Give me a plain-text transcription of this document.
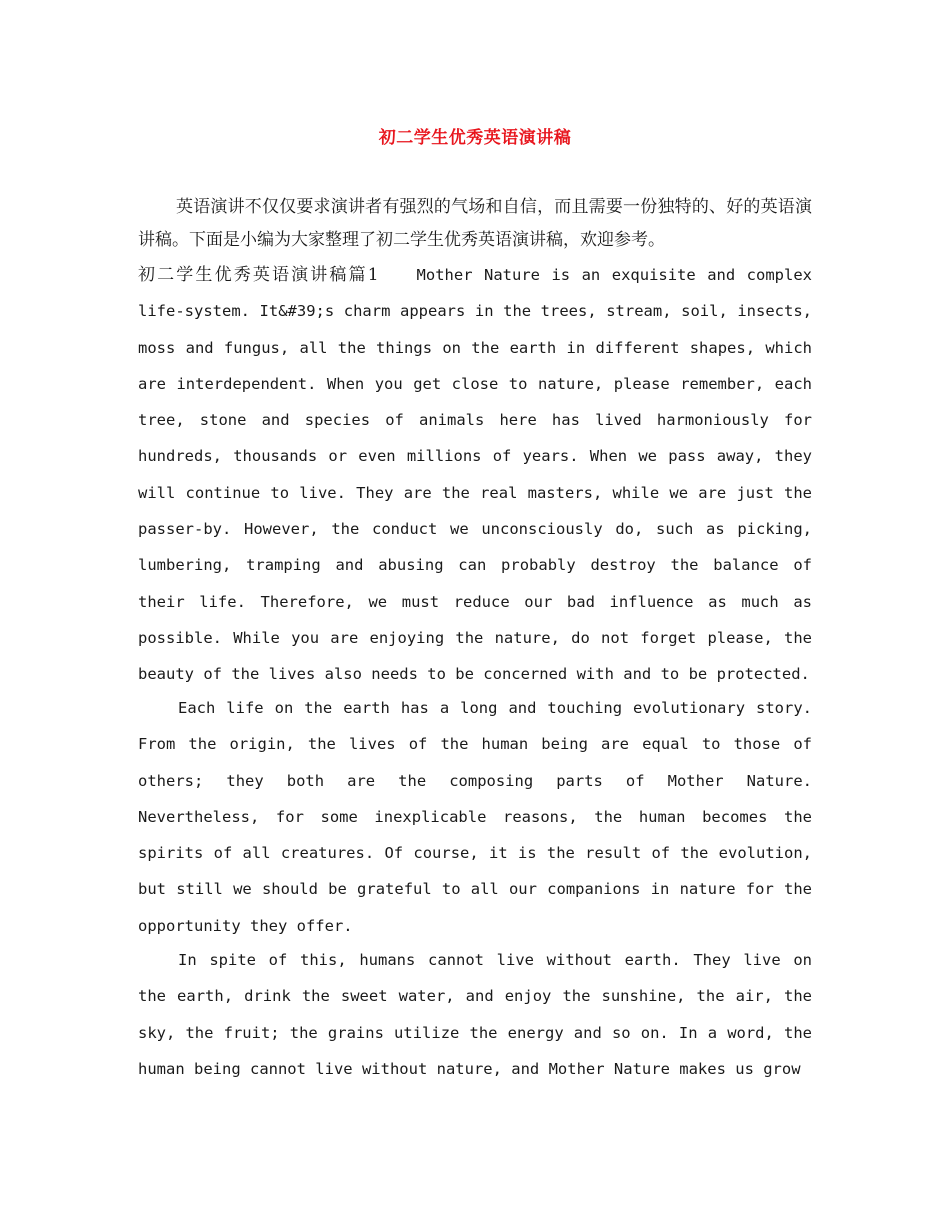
初二学生优秀英语演讲稿

英语演讲不仅仅要求演讲者有强烈的气场和自信，而且需要一份独特的、好的英语演讲稿。下面是小编为大家整理了初二学生优秀英语演讲稿，欢迎参考。

初二学生优秀英语演讲稿篇1 Mother Nature is an exquisite and complex life-system. It&#39;s charm appears in the trees, stream, soil, insects, moss and fungus, all the things on the earth in different shapes, which are interdependent. When you get close to nature, please remember, each tree, stone and species of animals here has lived harmoniously for hundreds, thousands or even millions of years. When we pass away, they will continue to live. They are the real masters, while we are just the passer-by. However, the conduct we unconsciously do, such as picking, lumbering, tramping and abusing can probably destroy the balance of their life. Therefore, we must reduce our bad influence as much as possible. While you are enjoying the nature, do not forget please, the beauty of the lives also needs to be concerned with and to be protected.

Each life on the earth has a long and touching evolutionary story. From the origin, the lives of the human being are equal to those of others; they both are the composing parts of Mother Nature. Nevertheless, for some inexplicable reasons, the human becomes the spirits of all creatures. Of course, it is the result of the evolution, but still we should be grateful to all our companions in nature for the opportunity they offer.

In spite of this, humans cannot live without earth. They live on the earth, drink the sweet water, and enjoy the sunshine, the air, the sky, the fruit; the grains utilize the energy and so on. In a word, the human being cannot live without nature, and Mother Nature makes us grow
